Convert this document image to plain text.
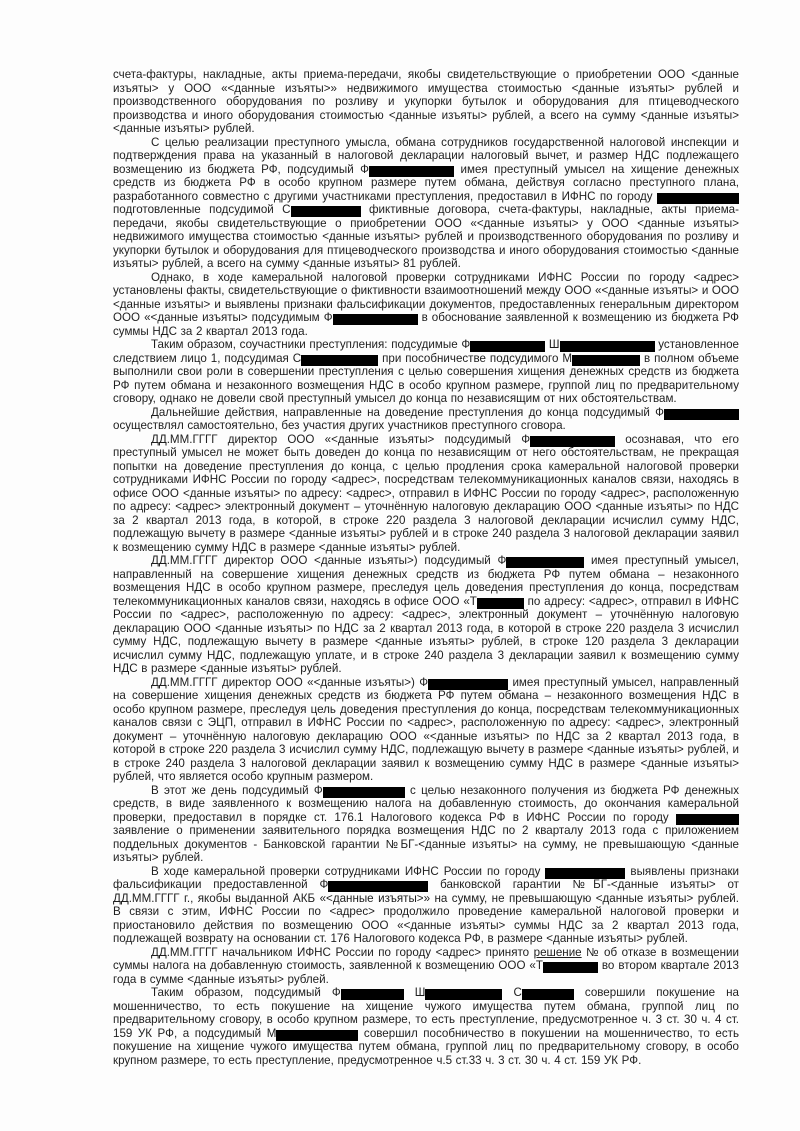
счета-фактуры, накладные, акты приема-передачи, якобы свидетельствующие о приобретении ООО <данные изъяты> у ООО «<данные изъяты>» недвижимого имущества стоимостью <данные изъяты> рублей и производственного оборудования по розливу и укупорки бутылок и оборудования для птицеводческого производства и иного оборудования стоимостью <данные изъяты> рублей, а всего на сумму <данные изъяты> <данные изъяты> рублей.

С целью реализации преступного умысла, обмана сотрудников государственной налоговой инспекции и подтверждения права на указанный в налоговой декларации налоговый вычет, и размер НДС подлежащего возмещению из бюджета РФ, подсудимый Ф	имея преступный умысел на хищение денежных средств из бюджета РФ в особо крупном размере путем обмана, действуя согласно преступного плана, разработанного совместно с другими участниками преступления, предоставил в ИФНС по городу  подготовленные подсудимой С	фиктивные договора, счета-фактуры, накладные, акты приема-передачи, якобы свидетельствующие о приобретении ООО «<данные изъяты> у ООО <данные изъяты> недвижимого имущества стоимостью <данные изъяты> рублей и производственного оборудования по розливу и укупорки бутылок и оборудования для птицеводческого производства и иного оборудования стоимостью <данные изъяты> рублей, а всего на сумму <данные изъяты> 81 рублей.

Однако, в ходе камеральной налоговой проверки сотрудниками ИФНС России по городу <адрес> установлены факты, свидетельствующие о фиктивности взаимоотношений между ООО «<данные изъяты> и ООО <данные изъяты> и выявлены признаки фальсификации документов, предоставленных генеральным директором ООО «<данные изъяты> подсудимым Ф	в обоснование заявленной к возмещению из бюджета РФ суммы НДС за 2 квартал 2013 года.

Таким образом, соучастники преступления: подсудимые Ф	Ш	установленное следствием лицо 1, подсудимая С	при пособничестве подсудимого М	в полном объеме выполнили свои роли в совершении преступления с целью совершения хищения денежных средств из бюджета РФ путем обмана и незаконного возмещения НДС в особо крупном размере, группой лиц по предварительному сговору, однако не довели свой преступный умысел до конца по независящим от них обстоятельствам.

Дальнейшие действия, направленные на доведение преступления до конца подсудимый Ф осуществлял самостоятельно, без участия других участников преступного сговора.

ДД.ММ.ГГГГ директор ООО «<данные изъяты> подсудимый Ф	осознавая, что его преступный умысел не может быть доведен до конца по независящим от него обстоятельствам, не прекращая попытки на доведение преступления до конца, с целью продления срока камеральной налоговой проверки сотрудниками ИФНС России по городу <адрес>, посредствам телекоммуникационных каналов связи, находясь в офисе ООО <данные изъяты> по адресу: <адрес>, отправил в ИФНС России по городу <адрес>, расположенную по адресу: <адрес> электронный документ – уточнённую налоговую декларацию ООО <данные изъяты> по НДС за 2 квартал 2013 года, в которой, в строке 220 раздела 3 налоговой декларации исчислил сумму НДС, подлежащую вычету в размере <данные изъяты> рублей и в строке 240 раздела 3 налоговой декларации заявил к возмещению сумму НДС в размере <данные изъяты> рублей.

ДД.ММ.ГГГГ директор ООО <данные изъяты>) подсудимый Ф	имея преступный умысел, направленный на совершение хищения денежных средств из бюджета РФ путем обмана – незаконного возмещения НДС в особо крупном размере, преследуя цель доведения преступления до конца, посредствам телекоммуникационных каналов связи, находясь в офисе ООО «Т	по адресу: <адрес>, отправил в ИФНС России по <адрес>, расположенную по адресу: <адрес>, электронный документ – уточнённую налоговую декларацию ООО <данные изъяты> по НДС за 2 квартал 2013 года, в которой в строке 220 раздела 3 исчислил сумму НДС, подлежащую вычету в размере <данные изъяты> рублей, в строке 120 раздела 3 декларации исчислил сумму НДС, подлежащую уплате, и в строке 240 раздела 3 декларации заявил к возмещению сумму НДС в размере <данные изъяты> рублей.

ДД.ММ.ГГГГ директор ООО «<данные изъяты>) Ф	имея преступный умысел, направленный на совершение хищения денежных средств из бюджета РФ путем обмана – незаконного возмещения НДС в особо крупном размере, преследуя цель доведения преступления до конца, посредствам телекоммуникационных каналов связи с ЭЦП, отправил в ИФНС России по <адрес>, расположенную по адресу: <адрес>, электронный документ – уточнённую налоговую декларацию ООО «<данные изъяты> по НДС за 2 квартал 2013 года, в которой в строке 220 раздела 3 исчислил сумму НДС, подлежащую вычету в размере <данные изъяты> рублей, и в строке 240 раздела 3 налоговой декларации заявил к возмещению сумму НДС в размере <данные изъяты> рублей, что является особо крупным размером.

В этот же день подсудимый Ф	с целью незаконного получения из бюджета РФ денежных средств, в виде заявленного к возмещению налога на добавленную стоимость, до окончания камеральной проверки, предоставил в порядке ст. 176.1 Налогового кодекса РФ в ИФНС России по городу  заявление о применении заявительного порядка возмещения НДС по 2 кварталу 2013 года с приложением поддельных документов - Банковской гарантии №БГ-<данные изъяты> на сумму, не превышающую <данные изъяты> рублей.

В ходе камеральной проверки сотрудниками ИФНС России по городу	выявлены признаки фальсификации предоставленной Ф	банковской гарантии №БГ-<данные изъяты> от ДД.ММ.ГГГГ г., якобы выданной АКБ «<данные изъяты>» на сумму, не превышающую <данные изъяты> рублей. В связи с этим, ИФНС России по <адрес> продолжило проведение камеральной налоговой проверки и приостановило действия по возмещению ООО «<данные изъяты> суммы НДС за 2 квартал 2013 года, подлежащей возврату на основании ст. 176 Налогового кодекса РФ, в размере <данные изъяты> рублей.

ДД.ММ.ГГГГ начальником ИФНС России по городу <адрес> принято решение № об отказе в возмещении суммы налога на добавленную стоимость, заявленной к возмещению ООО «Т	во втором квартале 2013 года в сумме <данные изъяты> рублей.

Таким образом, подсудимый Ф	Ш	С	совершили покушение на мошенничество, то есть покушение на хищение чужого имущества путем обмана, группой лиц по предварительному сговору, в особо крупном размере, то есть преступление, предусмотренное ч. 3 ст. 30 ч. 4 ст. 159 УК РФ, а подсудимый М	совершил пособничество в покушении на мошенничество, то есть покушение на хищение чужого имущества путем обмана, группой лиц по предварительному сговору, в особо крупном размере, то есть преступление, предусмотренное ч.5 ст.33 ч. 3 ст. 30 ч. 4 ст. 159 УК РФ.
